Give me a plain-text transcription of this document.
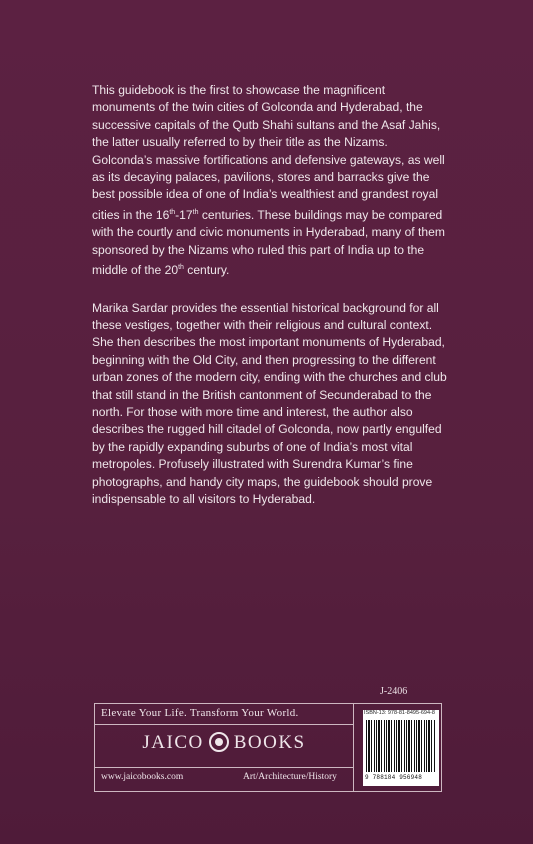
This guidebook is the first to showcase the magnificent monuments of the twin cities of Golconda and Hyderabad, the successive capitals of the Qutb Shahi sultans and the Asaf Jahis, the latter usually referred to by their title as the Nizams. Golconda’s massive fortifications and defensive gateways, as well as its decaying palaces, pavilions, stores and barracks give the best possible idea of one of India’s wealthiest and grandest royal cities in the 16th-17th centuries. These buildings may be compared with the courtly and civic monuments in Hyderabad, many of them sponsored by the Nizams who ruled this part of India up to the middle of the 20th century.

Marika Sardar provides the essential historical background for all these vestiges, together with their religious and cultural context. She then describes the most important monuments of Hyderabad, beginning with the Old City, and then progressing to the different urban zones of the modern city, ending with the churches and club that still stand in the British cantonment of Secunderabad to the north. For those with more time and interest, the author also describes the rugged hill citadel of Golconda, now partly engulfed by the rapidly expanding suburbs of one of India’s most vital metropoles. Profusely illustrated with Surendra Kumar’s fine photographs, and handy city maps, the guidebook should prove indispensable to all visitors to Hyderabad.

J-2406
Elevate Your Life. Transform Your World.
JAICO BOOKS
www.jaicobooks.com	Art/Architecture/History
ISBN-13: 978-81-8495-694-8
9 788184 956948
